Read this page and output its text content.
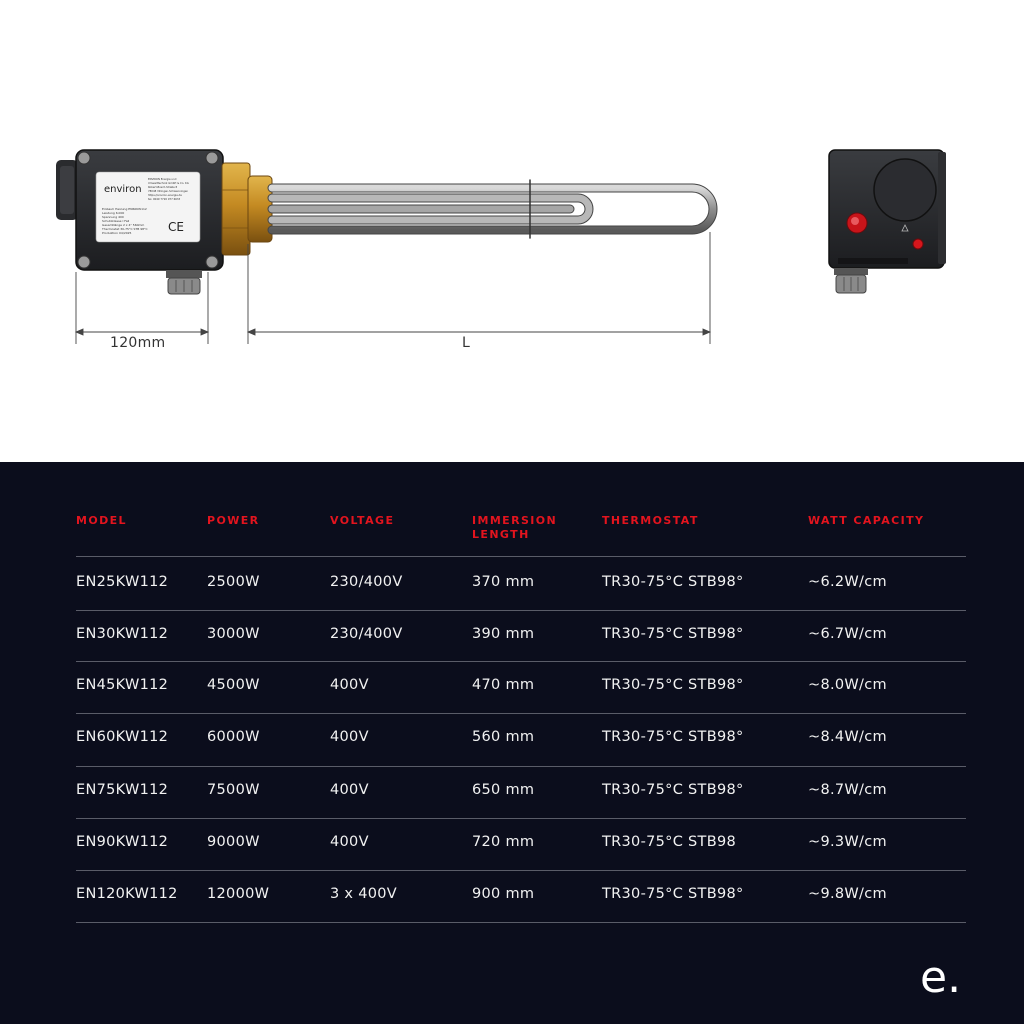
environ
ENVIRON Energie und
Umwelttechnik GmbH & Co. KG
Robert-Bosch-Straße 8
78048 Villingen-Schwenningen
https://environ-energie.de
tel. 0049 7720 977 6633
Einbauh Heizung EN60KW112
Leistung 6.000
Spannung 400
Schutzklasse I Fall
Gesamtlänge 2 x 4" 560mm
Thermostat 30-75°C STB 98°C
Produktion 04/2025	CE
120mm	L
MODEL	POWER	VOLTAGE	IMMERSION
LENGTH
THERMOSTAT	WATT CAPACITY
EN25KW112	2500W	230/400V	370 mm	TR30-75°C STB98°	~6.2W/cm
EN30KW112	3000W	230/400V	390 mm	TR30-75°C STB98°	~6.7W/cm
EN45KW112	4500W	400V	470 mm	TR30-75°C STB98°	~8.0W/cm
EN60KW112	6000W	400V	560 mm	TR30-75°C STB98°	~8.4W/cm
EN75KW112	7500W	400V	650 mm	TR30-75°C STB98°	~8.7W/cm
EN90KW112	9000W	400V	720 mm	TR30-75°C STB98	~9.3W/cm
EN120KW112 12000W	3 x 400V	900 mm	TR30-75°C STB98°	~9.8W/cm
e.
